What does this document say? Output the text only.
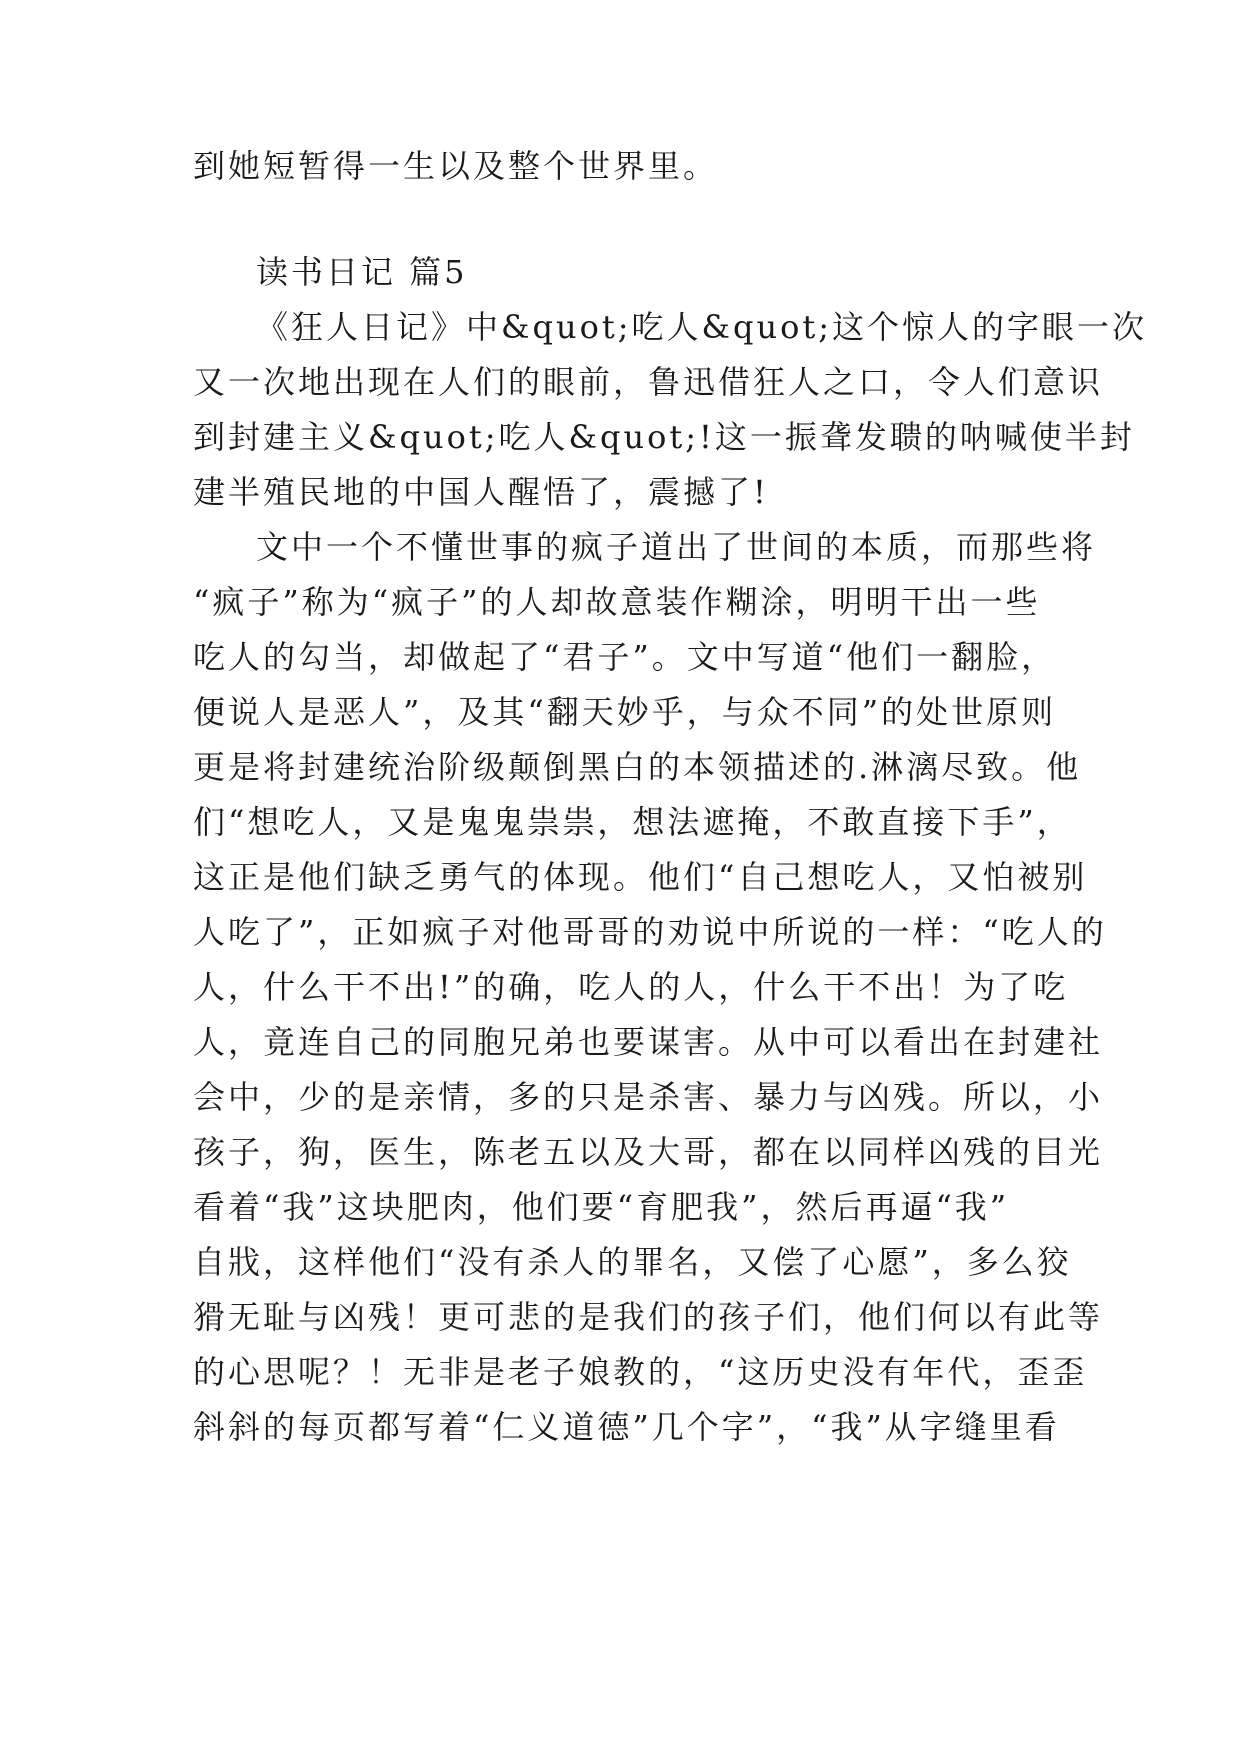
到她短暂得一生以及整个世界里。
读书日记 篇5
《狂人日记》中&quot;吃人&quot;这个惊人的字眼一次
又一次地出现在人们的眼前，鲁迅借狂人之口，令人们意识
到封建主义&quot;吃人&quot;!这一振聋发聩的呐喊使半封
建半殖民地的中国人醒悟了，震撼了!
文中一个不懂世事的疯子道出了世间的本质，而那些将
“疯子”称为“疯子”的人却故意装作糊涂，明明干出一些
吃人的勾当，却做起了“君子”。文中写道“他们一翻脸，
便说人是恶人”，及其“翻天妙乎，与众不同”的处世原则
更是将封建统治阶级颠倒黑白的本领描述的.淋漓尽致。他
们“想吃人，又是鬼鬼祟祟，想法遮掩，不敢直接下手”，
这正是他们缺乏勇气的体现。他们“自己想吃人，又怕被别
人吃了”，正如疯子对他哥哥的劝说中所说的一样：“吃人的
人，什么干不出!”的确，吃人的人，什么干不出！为了吃
人，竟连自己的同胞兄弟也要谋害。从中可以看出在封建社
会中，少的是亲情，多的只是杀害、暴力与凶残。所以，小
孩子，狗，医生，陈老五以及大哥，都在以同样凶残的目光
看着“我”这块肥肉，他们要“育肥我”，然后再逼“我”
自戕，这样他们“没有杀人的罪名，又偿了心愿”，多么狡
猾无耻与凶残！更可悲的是我们的孩子们，他们何以有此等
的心思呢？！无非是老子娘教的，“这历史没有年代，歪歪
斜斜的每页都写着“仁义道德”几个字”，“我”从字缝里看
